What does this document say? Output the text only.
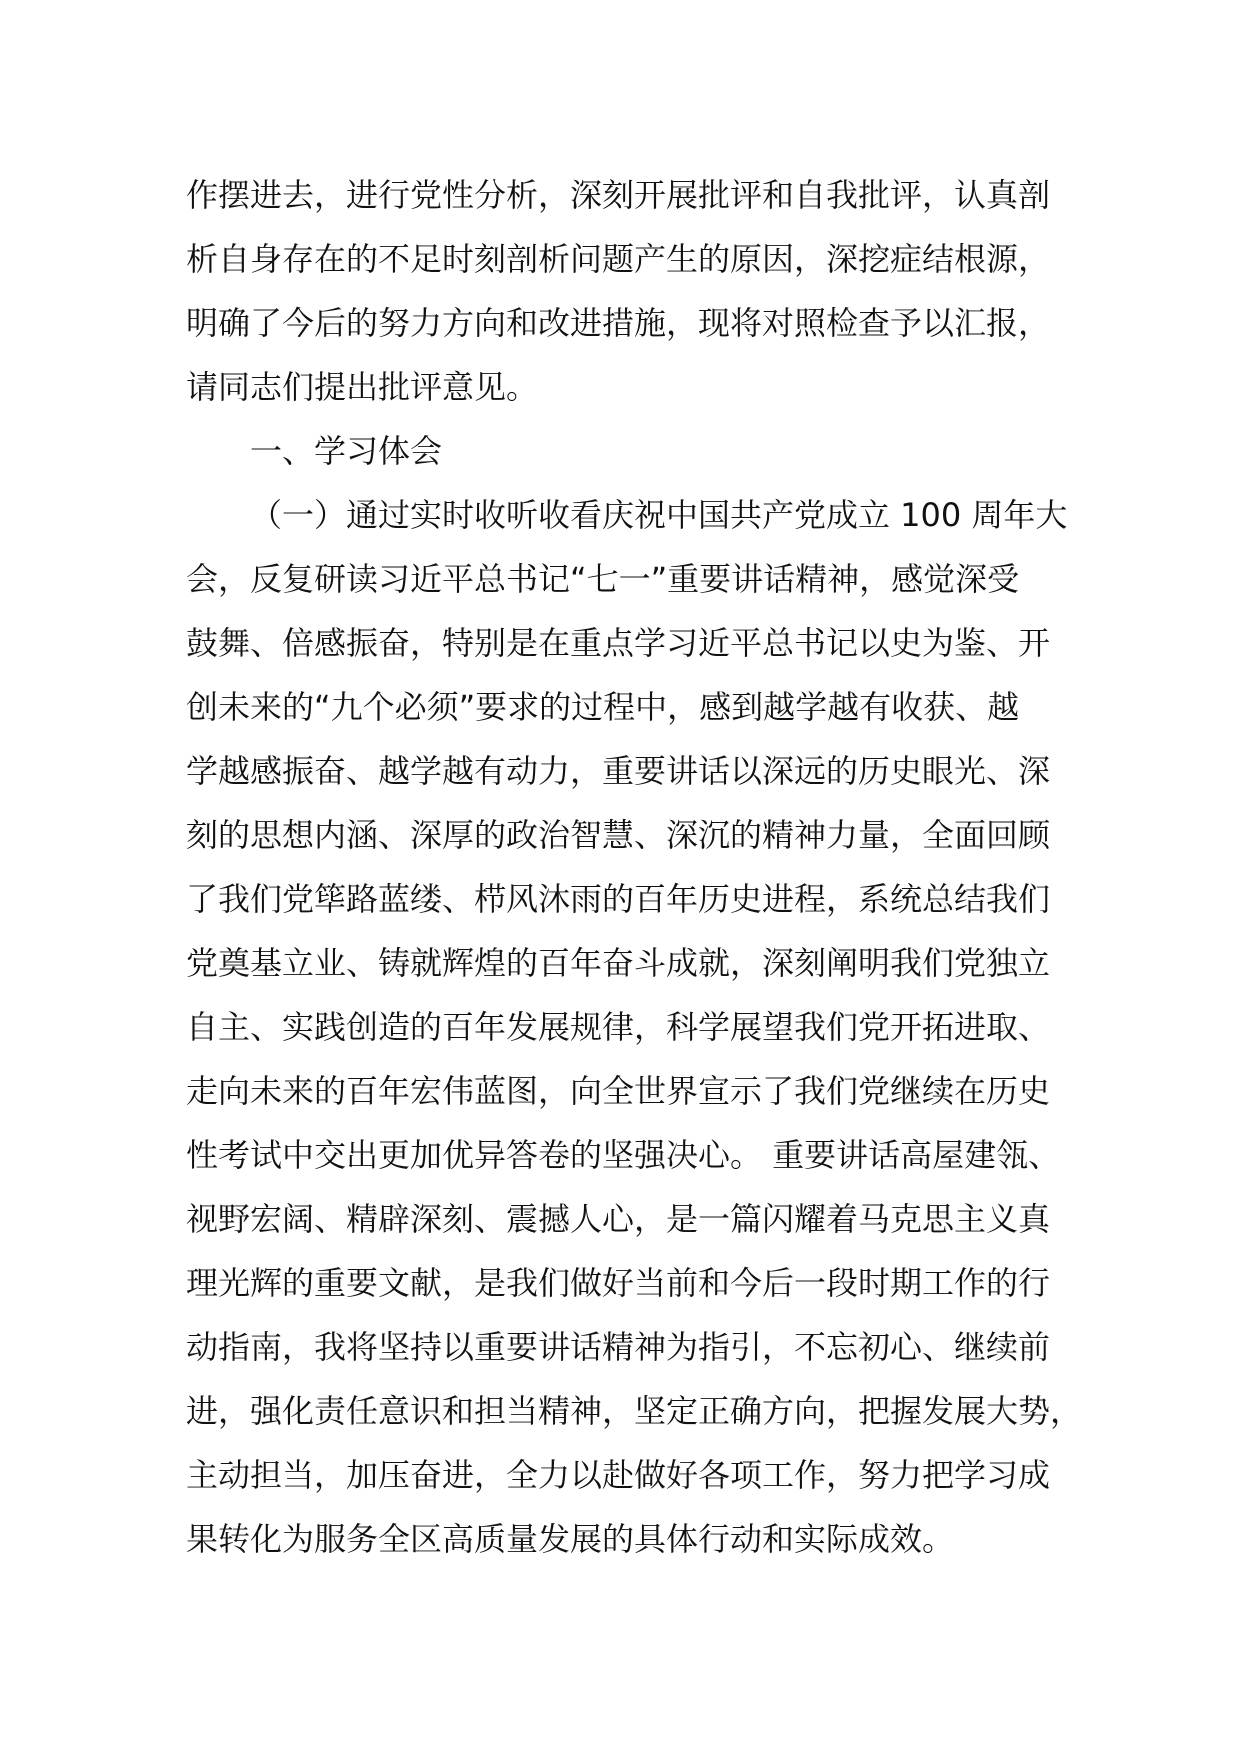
作摆进去，进行党性分析，深刻开展批评和自我批评，认真剖
析自身存在的不足时刻剖析问题产生的原因，深挖症结根源，
明确了今后的努力方向和改进措施，现将对照检查予以汇报，
请同志们提出批评意见。
一、学习体会
（一）通过实时收听收看庆祝中国共产党成立 100 周年大
会，反复研读习近平总书记“七一”重要讲话精神，感觉深受
鼓舞、倍感振奋，特别是在重点学习近平总书记以史为鉴、开
创未来的“九个必须”要求的过程中，感到越学越有收获、越
学越感振奋、越学越有动力，重要讲话以深远的历史眼光、深
刻的思想内涵、深厚的政治智慧、深沉的精神力量，全面回顾
了我们党筚路蓝缕、栉风沐雨的百年历史进程，系统总结我们
党奠基立业、铸就辉煌的百年奋斗成就，深刻阐明我们党独立
自主、实践创造的百年发展规律，科学展望我们党开拓进取、
走向未来的百年宏伟蓝图，向全世界宣示了我们党继续在历史
性考试中交出更加优异答卷的坚强决心。 重要讲话高屋建瓴、
视野宏阔、精辟深刻、震撼人心，是一篇闪耀着马克思主义真
理光辉的重要文献，是我们做好当前和今后一段时期工作的行
动指南，我将坚持以重要讲话精神为指引，不忘初心、继续前
进，强化责任意识和担当精神，坚定正确方向，把握发展大势，
主动担当，加压奋进，全力以赴做好各项工作，努力把学习成
果转化为服务全区高质量发展的具体行动和实际成效。
